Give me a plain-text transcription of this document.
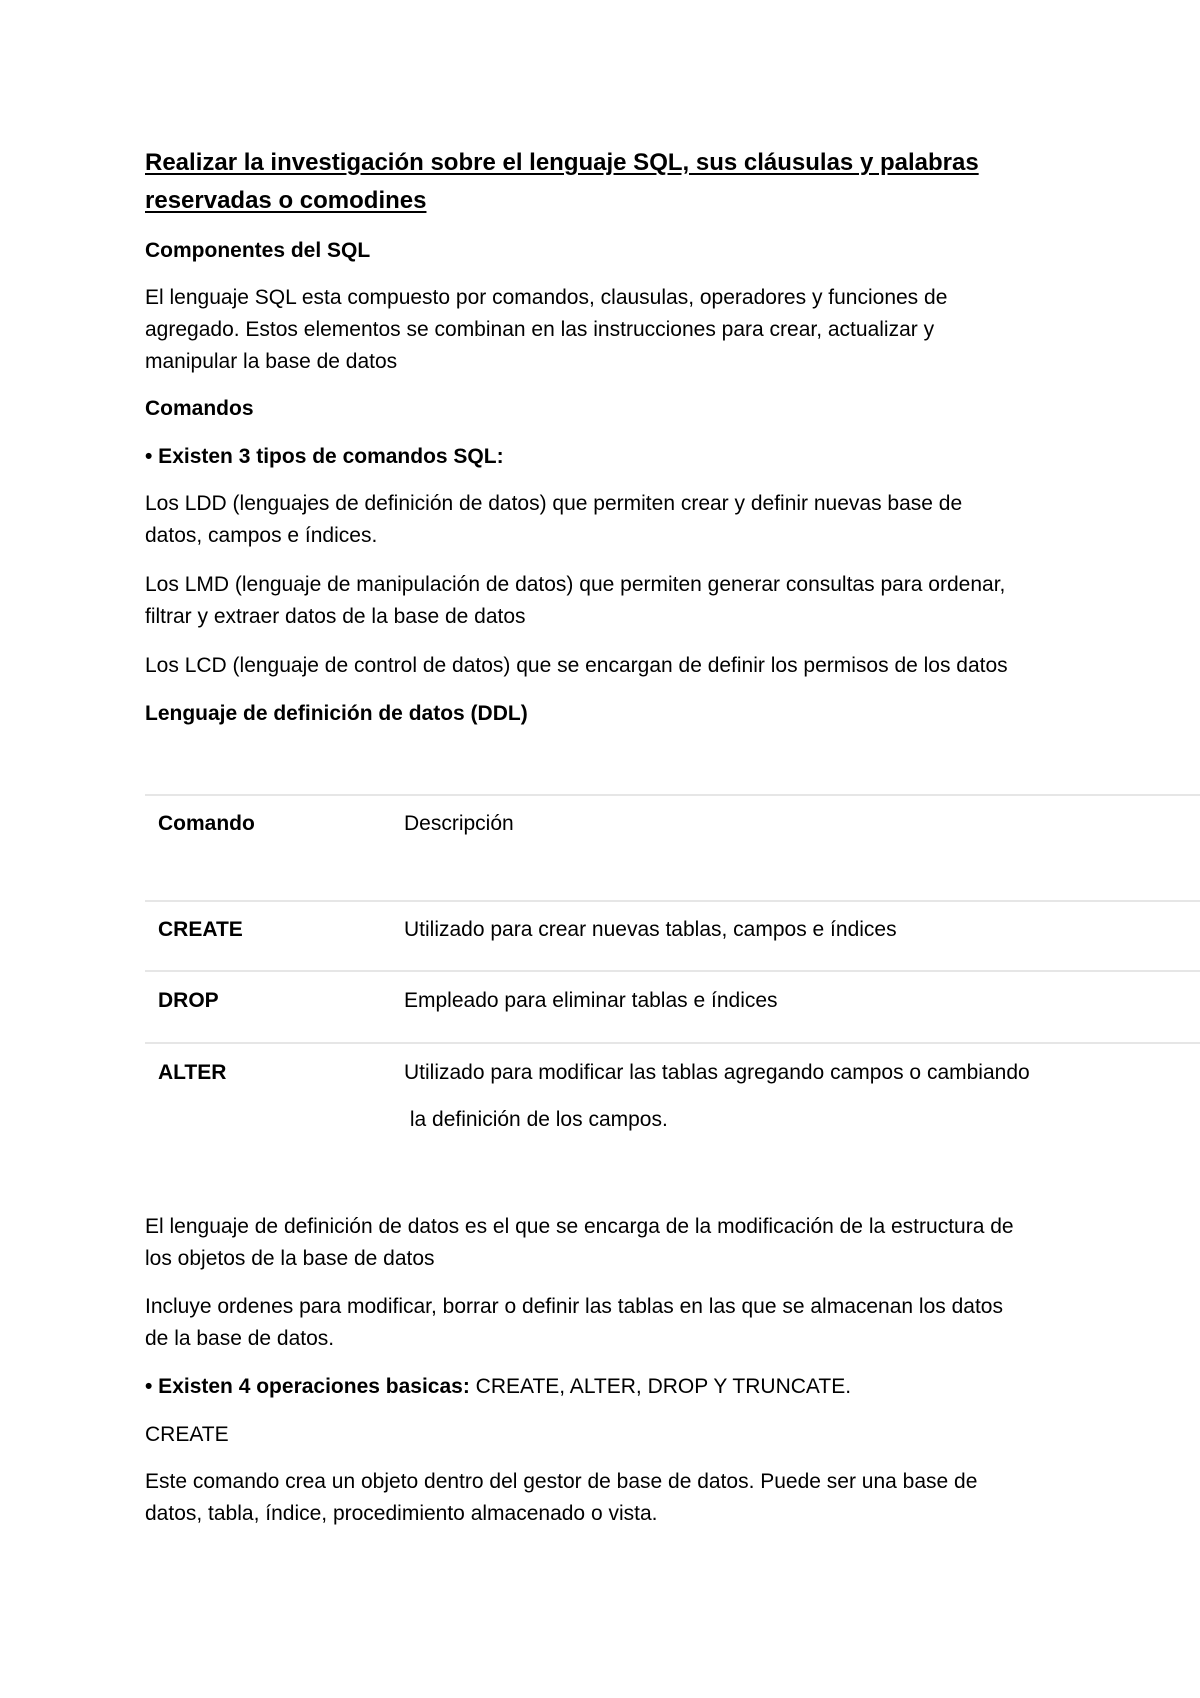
Realizar la investigación sobre el lenguaje SQL, sus cláusulas y palabras
reservadas o comodines
Componentes del SQL
El lenguaje SQL esta compuesto por comandos, clausulas, operadores y funciones de
agregado. Estos elementos se combinan en las instrucciones para crear, actualizar y
manipular la base de datos
Comandos
• Existen 3 tipos de comandos SQL:
Los LDD (lenguajes de definición de datos) que permiten crear y definir nuevas base de
datos, campos e índices.
Los LMD (lenguaje de manipulación de datos) que permiten generar consultas para ordenar,
filtrar y extraer datos de la base de datos
Los LCD (lenguaje de control de datos) que se encargan de definir los permisos de los datos
Lenguaje de definición de datos (DDL)
Comando	Descripción
CREATE	Utilizado para crear nuevas tablas, campos e índices
DROP	Empleado para eliminar tablas e índices
ALTER	Utilizado para modificar las tablas agregando campos o cambiando
la definición de los campos.
El lenguaje de definición de datos es el que se encarga de la modificación de la estructura de
los objetos de la base de datos
Incluye ordenes para modificar, borrar o definir las tablas en las que se almacenan los datos
de la base de datos.
• Existen 4 operaciones basicas: CREATE, ALTER, DROP Y TRUNCATE.
CREATE
Este comando crea un objeto dentro del gestor de base de datos. Puede ser una base de
datos, tabla, índice, procedimiento almacenado o vista.
